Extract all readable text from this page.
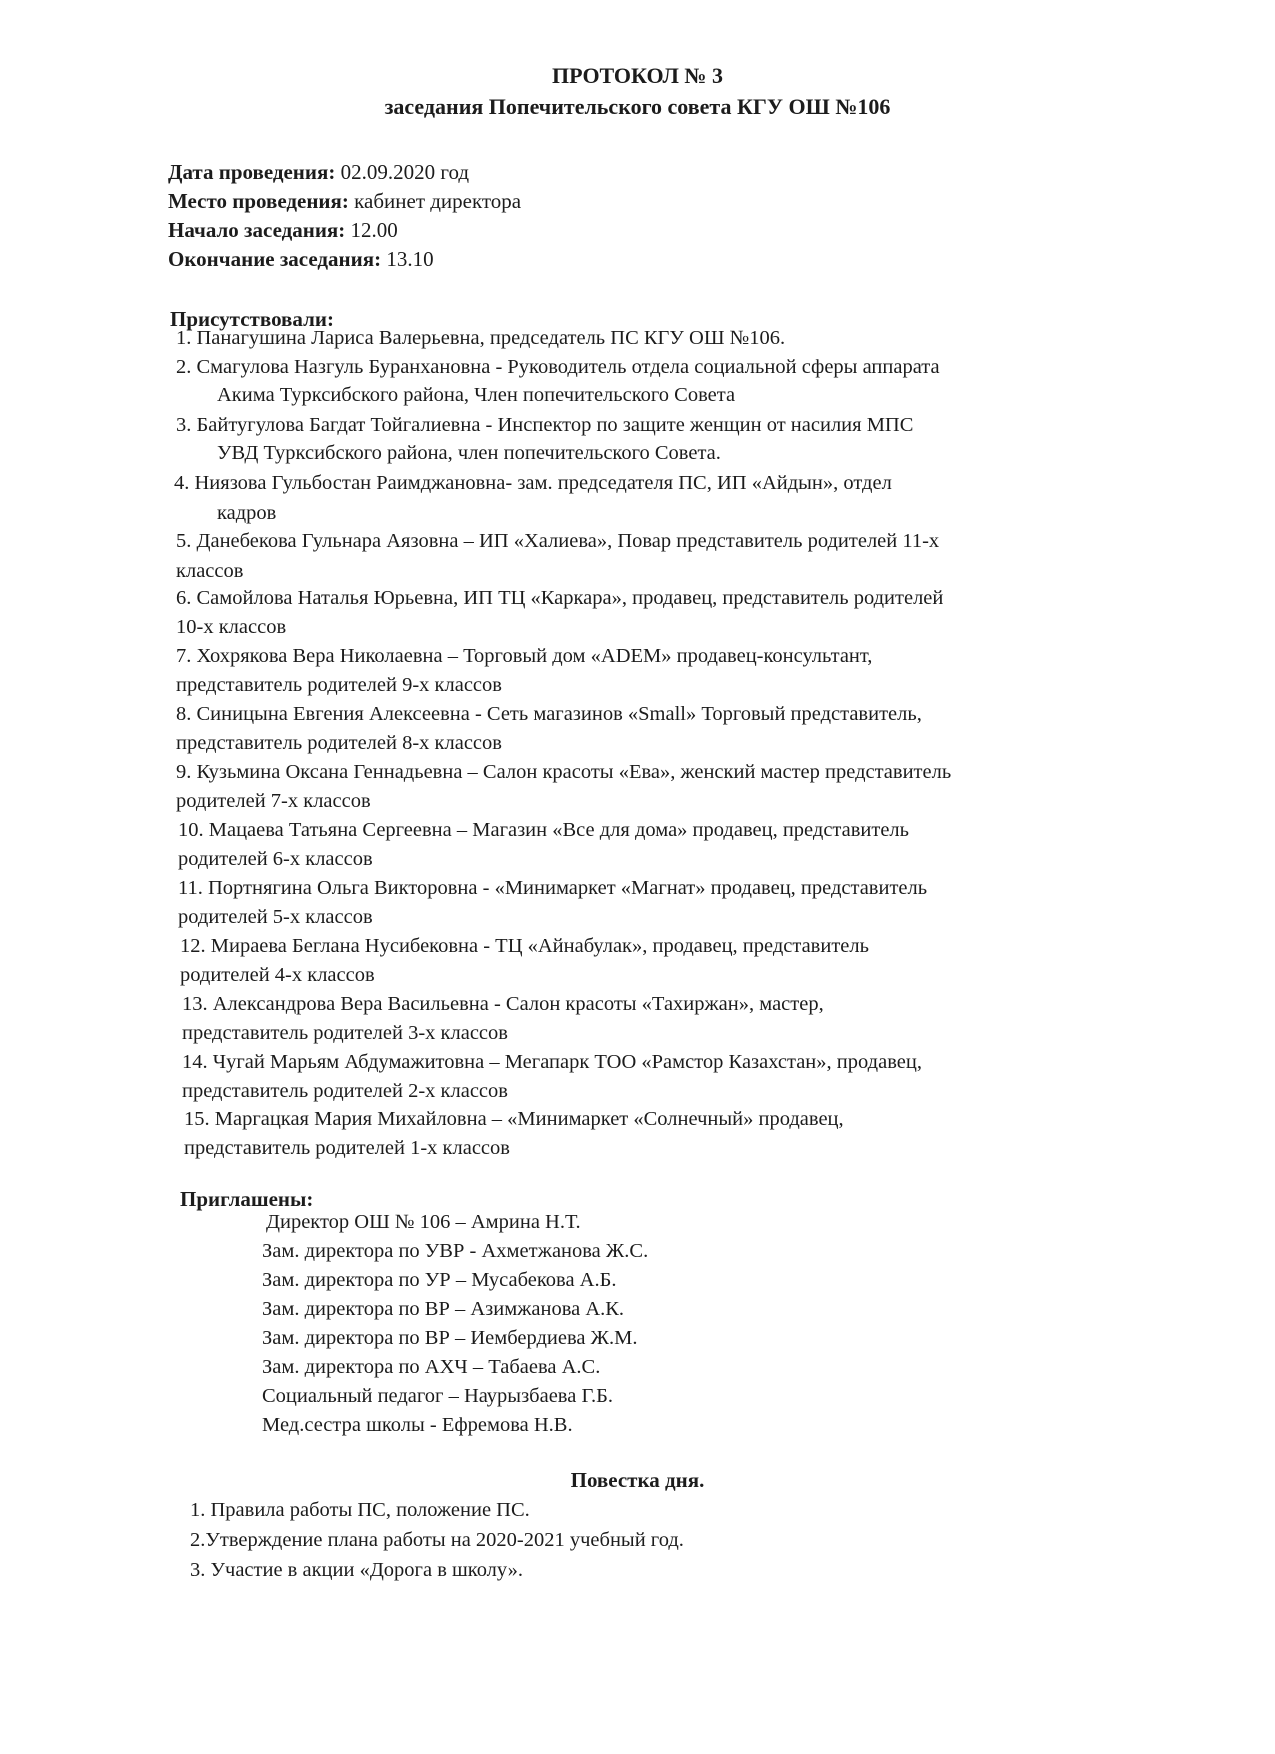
ПРОТОКОЛ № 3
заседания Попечительского совета КГУ ОШ №106
Дата проведения: 02.09.2020 год
Место проведения: кабинет директора
Начало заседания: 12.00
Окончание заседания: 13.10
Присутствовали:
1. Панагушина Лариса Валерьевна, председатель ПС КГУ ОШ №106.
2. Смагулова Назгуль Буранхановна - Руководитель отдела социальной сферы аппарата
Акима Турксибского района, Член попечительского Совета
3. Байтугулова Багдат Тойгалиевна - Инспектор по защите женщин от насилия МПС
УВД Турксибского района, член попечительского Совета.
4. Ниязова Гульбостан Раимджановна- зам. председателя ПС, ИП «Айдын», отдел
кадров
5. Данебекова Гульнара Аязовна – ИП «Халиева», Повар представитель родителей 11-х
классов
6. Самойлова Наталья Юрьевна, ИП ТЦ «Каркара», продавец, представитель родителей
10-х классов
7. Хохрякова Вера Николаевна – Торговый дом «ADEM» продавец-консультант,
представитель родителей 9-х классов
8. Синицына Евгения Алексеевна - Сеть магазинов «Small» Торговый представитель,
представитель родителей 8-х классов
9. Кузьмина Оксана Геннадьевна – Салон красоты «Ева», женский мастер представитель
родителей 7-х классов
10. Мацаева Татьяна Сергеевна – Магазин «Все для дома» продавец, представитель
родителей 6-х классов
11. Портнягина Ольга Викторовна - «Минимаркет «Магнат» продавец, представитель
родителей 5-х классов
12. Мираева Беглана Нусибековна - ТЦ «Айнабулак», продавец, представитель
родителей 4-х классов
13. Александрова Вера Васильевна - Салон красоты «Тахиржан», мастер,
представитель родителей 3-х классов
14. Чугай Марьям Абдумажитовна – Мегапарк ТОО «Рамстор Казахстан», продавец,
представитель родителей 2-х классов
15. Маргацкая Мария Михайловна – «Минимаркет «Солнечный» продавец,
представитель родителей 1-х классов
Приглашены:
Директор ОШ № 106 – Амрина Н.Т.
Зам. директора по УВР - Ахметжанова Ж.С.
Зам. директора по УР – Мусабекова А.Б.
Зам. директора по ВР – Азимжанова А.К.
Зам. директора по ВР – Иембердиева Ж.М.
Зам. директора по АХЧ – Табаева А.С.
Социальный педагог – Наурызбаева Г.Б.
Мед.сестра школы - Ефремова Н.В.
Повестка дня.
1. Правила работы ПС, положение ПС.
2.Утверждение плана работы на 2020-2021 учебный год.
3. Участие в акции «Дорога в школу».
